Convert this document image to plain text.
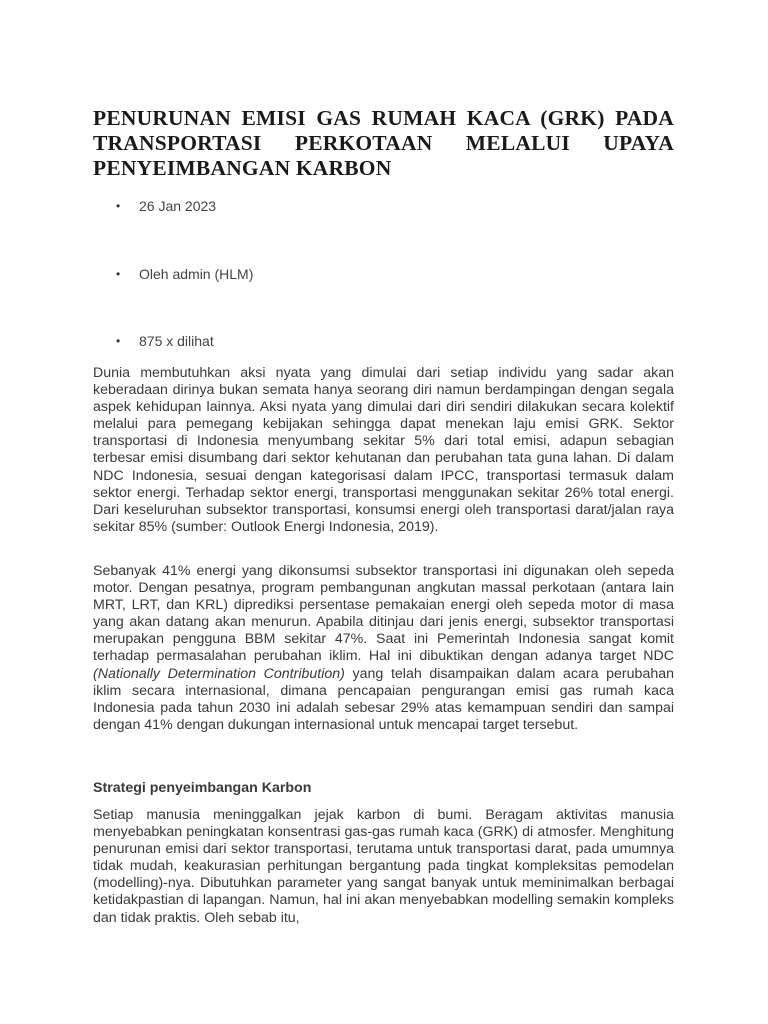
PENURUNAN EMISI GAS RUMAH KACA (GRK) PADA TRANSPORTASI PERKOTAAN MELALUI UPAYA PENYEIMBANGAN KARBON
• 26 Jan 2023
• Oleh admin (HLM)
• 875 x dilihat

Dunia membutuhkan aksi nyata yang dimulai dari setiap individu yang sadar akan keberadaan dirinya bukan semata hanya seorang diri namun berdampingan dengan segala aspek kehidupan lainnya. Aksi nyata yang dimulai dari diri sendiri dilakukan secara kolektif melalui para pemegang kebijakan sehingga dapat menekan laju emisi GRK. Sektor transportasi di Indonesia menyumbang sekitar 5% dari total emisi, adapun sebagian terbesar emisi disumbang dari sektor kehutanan dan perubahan tata guna lahan. Di dalam NDC Indonesia, sesuai dengan kategorisasi dalam IPCC, transportasi termasuk dalam sektor energi. Terhadap sektor energi, transportasi menggunakan sekitar 26% total energi. Dari keseluruhan subsektor transportasi, konsumsi energi oleh transportasi darat/jalan raya sekitar 85% (sumber: Outlook Energi Indonesia, 2019).

Sebanyak 41% energi yang dikonsumsi subsektor transportasi ini digunakan oleh sepeda motor. Dengan pesatnya, program pembangunan angkutan massal perkotaan (antara lain MRT, LRT, dan KRL) diprediksi persentase pemakaian energi oleh sepeda motor di masa yang akan datang akan menurun. Apabila ditinjau dari jenis energi, subsektor transportasi merupakan pengguna BBM sekitar 47%. Saat ini Pemerintah Indonesia sangat komit terhadap permasalahan perubahan iklim. Hal ini dibuktikan dengan adanya target NDC (Nationally Determination Contribution) yang telah disampaikan dalam acara perubahan iklim secara internasional, dimana pencapaian pengurangan emisi gas rumah kaca Indonesia pada tahun 2030 ini adalah sebesar 29% atas kemampuan sendiri dan sampai dengan 41% dengan dukungan internasional untuk mencapai target tersebut.

Strategi penyeimbangan Karbon

Setiap manusia meninggalkan jejak karbon di bumi. Beragam aktivitas manusia menyebabkan peningkatan konsentrasi gas-gas rumah kaca (GRK) di atmosfer. Menghitung penurunan emisi dari sektor transportasi, terutama untuk transportasi darat, pada umumnya tidak mudah, keakurasian perhitungan bergantung pada tingkat kompleksitas pemodelan (modelling)-nya. Dibutuhkan parameter yang sangat banyak untuk meminimalkan berbagai ketidakpastian di lapangan. Namun, hal ini akan menyebabkan modelling semakin kompleks dan tidak praktis. Oleh sebab itu,
